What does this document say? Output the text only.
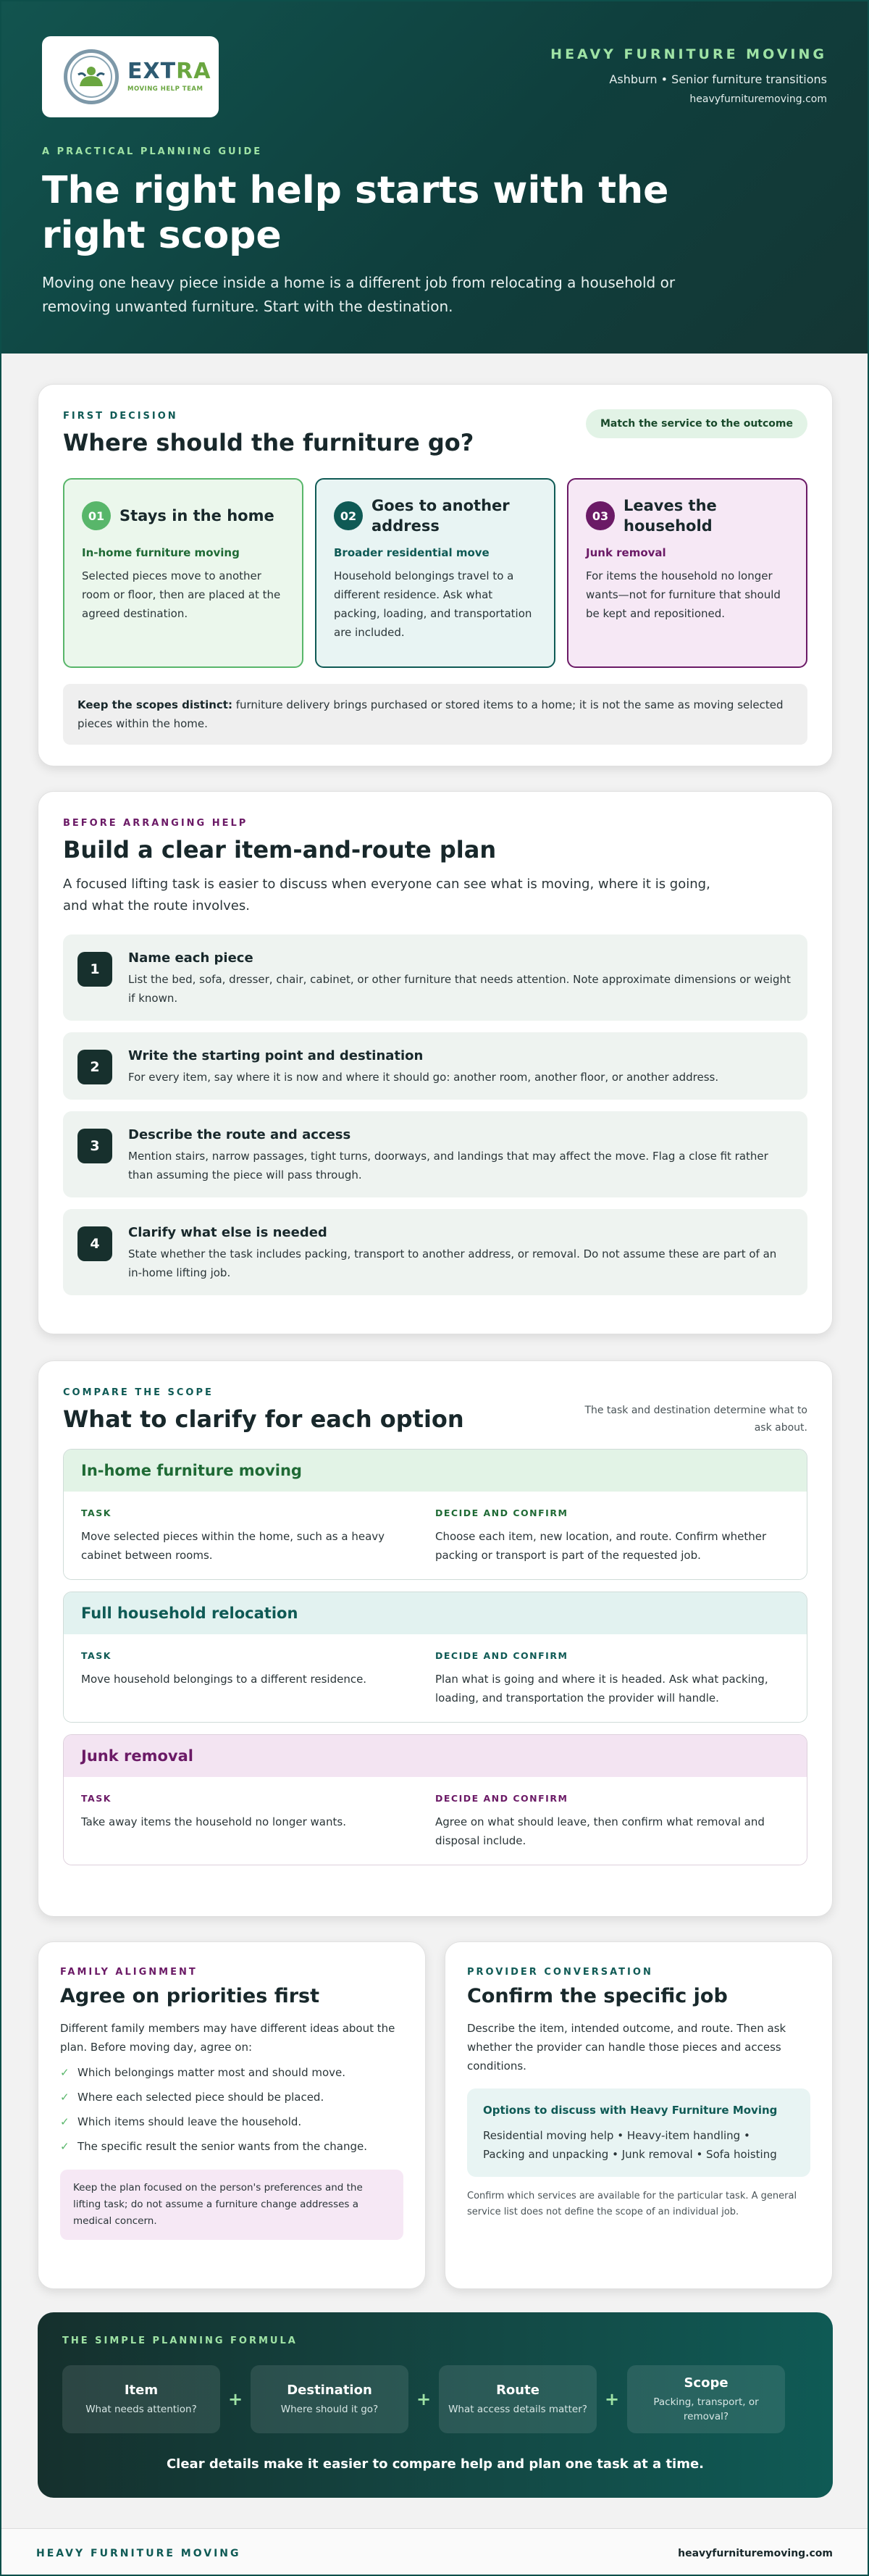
EXTRA
MOVING HELP TEAM
HEAVY FURNITURE MOVING
Ashburn • Senior furniture transitions
heavyfurnituremoving.com
A PRACTICAL PLANNING GUIDE
The right help starts with the right scope

Moving one heavy piece inside a home is a different job from relocating a household or removing unwanted furniture. Start with the destination.

FIRST DECISION
Where should the furniture go?
Match the service to the outcome
01 Stays in the home
In-home furniture moving
Selected pieces move to another room or floor, then are placed at the agreed destination.
02
Goes to another address
Broader residential move
Household belongings travel to a different residence. Ask what packing, loading, and transportation are included.
03
Leaves the household
Junk removal
For items the household no longer wants—not for furniture that should be kept and repositioned.
Keep the scopes distinct: furniture delivery brings purchased or stored items to a home; it is not the same as moving selected pieces within the home.
BEFORE ARRANGING HELP
Build a clear item-and-route plan

A focused lifting task is easier to discuss when everyone can see what is moving, where it is going, and what the route involves.

1
Name each piece
List the bed, sofa, dresser, chair, cabinet, or other furniture that needs attention. Note approximate dimensions or weight if known.
2
Write the starting point and destination
For every item, say where it is now and where it should go: another room, another floor, or another address.
3
Describe the route and access
Mention stairs, narrow passages, tight turns, doorways, and landings that may affect the move. Flag a close fit rather than assuming the piece will pass through.
4
Clarify what else is needed
State whether the task includes packing, transport to another address, or removal. Do not assume these are part of an in-home lifting job.
COMPARE THE SCOPE
What to clarify for each option	The task and destination determine what to ask about.
In-home furniture moving
TASK
Move selected pieces within the home, such as a heavy cabinet between rooms.
DECIDE AND CONFIRM
Choose each item, new location, and route. Confirm whether packing or transport is part of the requested job.
Full household relocation
TASK
Move household belongings to a different residence.
DECIDE AND CONFIRM
Plan what is going and where it is headed. Ask what packing, loading, and transportation the provider will handle.
Junk removal
TASK
Take away items the household no longer wants.
DECIDE AND CONFIRM
Agree on what should leave, then confirm what removal and disposal include.
FAMILY ALIGNMENT
Agree on priorities first

Different family members may have different ideas about the plan. Before moving day, agree on:

✓ Which belongings matter most and should move.
✓ Where each selected piece should be placed.
✓ Which items should leave the household.
✓ The specific result the senior wants from the change.
Keep the plan focused on the person's preferences and the lifting task; do not assume a furniture change addresses a medical concern.
PROVIDER CONVERSATION
Confirm the specific job

Describe the item, intended outcome, and route. Then ask whether the provider can handle those pieces and access conditions.

Options to discuss with Heavy Furniture Moving
Residential moving help • Heavy-item handling • Packing and unpacking • Junk removal • Sofa hoisting

Confirm which services are available for the particular task. A general service list does not define the scope of an individual job.

THE SIMPLE PLANNING FORMULA
Item
What needs attention?	+	Destination
Where should it go?	+	Route
What access details matter?	+
Scope
Packing, transport, or removal?
Clear details make it easier to compare help and plan one task at a time.
HEAVY FURNITURE MOVING	heavyfurnituremoving.com
